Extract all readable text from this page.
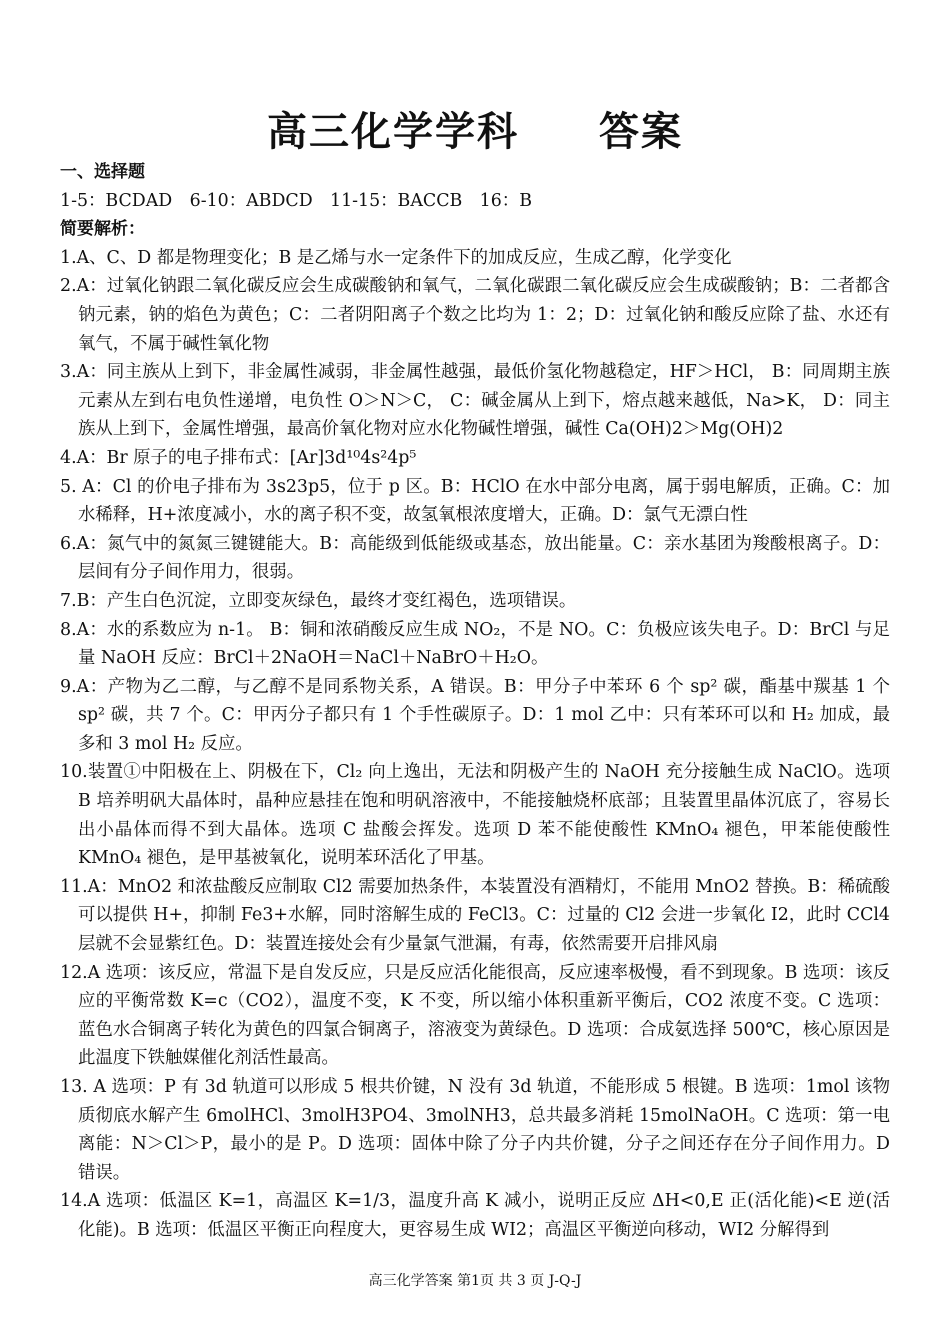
高三化学学科 答案

一、选择题

1-5：BCDAD　6-10：ABDCD　11-15：BACCB　16：B

简要解析：

1.A、C、D 都是物理变化；B 是乙烯与水一定条件下的加成反应，生成乙醇，化学变化

2.A：过氧化钠跟二氧化碳反应会生成碳酸钠和氧气，二氧化碳跟二氧化碳反应会生成碳酸钠；B：二者都含钠元素，钠的焰色为黄色；C：二者阴阳离子个数之比均为 1：2；D：过氧化钠和酸反应除了盐、水还有氧气，不属于碱性氧化物

3.A：同主族从上到下，非金属性减弱，非金属性越强，最低价氢化物越稳定，HF＞HCl， B：同周期主族元素从左到右电负性递增，电负性 O＞N＞C， C：碱金属从上到下，熔点越来越低，Na>K， D：同主族从上到下，金属性增强，最高价氧化物对应水化物碱性增强，碱性 Ca(OH)2＞Mg(OH)2

4.A：Br 原子的电子排布式：[Ar]3d¹⁰4s²4p⁵

5. A：Cl 的价电子排布为 3s23p5，位于 p 区。B：HClO 在水中部分电离，属于弱电解质，正确。C：加水稀释，H+浓度减小，水的离子积不变，故氢氧根浓度增大，正确。D：氯气无漂白性

6.A：氮气中的氮氮三键键能大。B：高能级到低能级或基态，放出能量。C：亲水基团为羧酸根离子。D：层间有分子间作用力，很弱。

7.B：产生白色沉淀，立即变灰绿色，最终才变红褐色，选项错误。

8.A：水的系数应为 n-1。 B：铜和浓硝酸反应生成 NO₂，不是 NO。C：负极应该失电子。D：BrCl 与足量 NaOH 反应：BrCl＋2NaOH＝NaCl＋NaBrO＋H₂O。

9.A：产物为乙二醇，与乙醇不是同系物关系，A 错误。B：甲分子中苯环 6 个 sp² 碳，酯基中羰基 1 个 sp² 碳，共 7 个。C：甲丙分子都只有 1 个手性碳原子。D：1 mol 乙中：只有苯环可以和 H₂ 加成，最多和 3 mol H₂ 反应。

10.装置①中阳极在上、阴极在下，Cl₂ 向上逸出，无法和阴极产生的 NaOH 充分接触生成 NaClO。选项 B 培养明矾大晶体时，晶种应悬挂在饱和明矾溶液中，不能接触烧杯底部；且装置里晶体沉底了，容易长出小晶体而得不到大晶体。选项 C 盐酸会挥发。选项 D 苯不能使酸性 KMnO₄ 褪色，甲苯能使酸性 KMnO₄ 褪色，是甲基被氧化，说明苯环活化了甲基。

11.A：MnO2 和浓盐酸反应制取 Cl2 需要加热条件，本装置没有酒精灯，不能用 MnO2 替换。B：稀硫酸可以提供 H+，抑制 Fe3+水解，同时溶解生成的 FeCl3。C：过量的 Cl2 会进一步氧化 I2，此时 CCl4 层就不会显紫红色。D：装置连接处会有少量氯气泄漏，有毒，依然需要开启排风扇

12.A 选项：该反应，常温下是自发反应，只是反应活化能很高，反应速率极慢，看不到现象。B 选项：该反应的平衡常数 K=c（CO2），温度不变，K 不变，所以缩小体积重新平衡后，CO2 浓度不变。C 选项：蓝色水合铜离子转化为黄色的四氯合铜离子，溶液变为黄绿色。D 选项：合成氨选择 500℃，核心原因是此温度下铁触媒催化剂活性最高。

13. A 选项：P 有 3d 轨道可以形成 5 根共价键，N 没有 3d 轨道，不能形成 5 根键。B 选项：1mol 该物质彻底水解产生 6molHCl、3molH3PO4、3molNH3，总共最多消耗 15molNaOH。C 选项：第一电离能：N＞Cl＞P，最小的是 P。D 选项：固体中除了分子内共价键，分子之间还存在分子间作用力。D 错误。

14.A 选项：低温区 K=1，高温区 K=1/3，温度升高 K 减小，说明正反应 ΔH<0,E 正(活化能)<E 逆(活化能)。B 选项：低温区平衡正向程度大，更容易生成 WI2；高温区平衡逆向移动，WI2 分解得到

高三化学答案 第1页 共 3 页 J-Q-J
